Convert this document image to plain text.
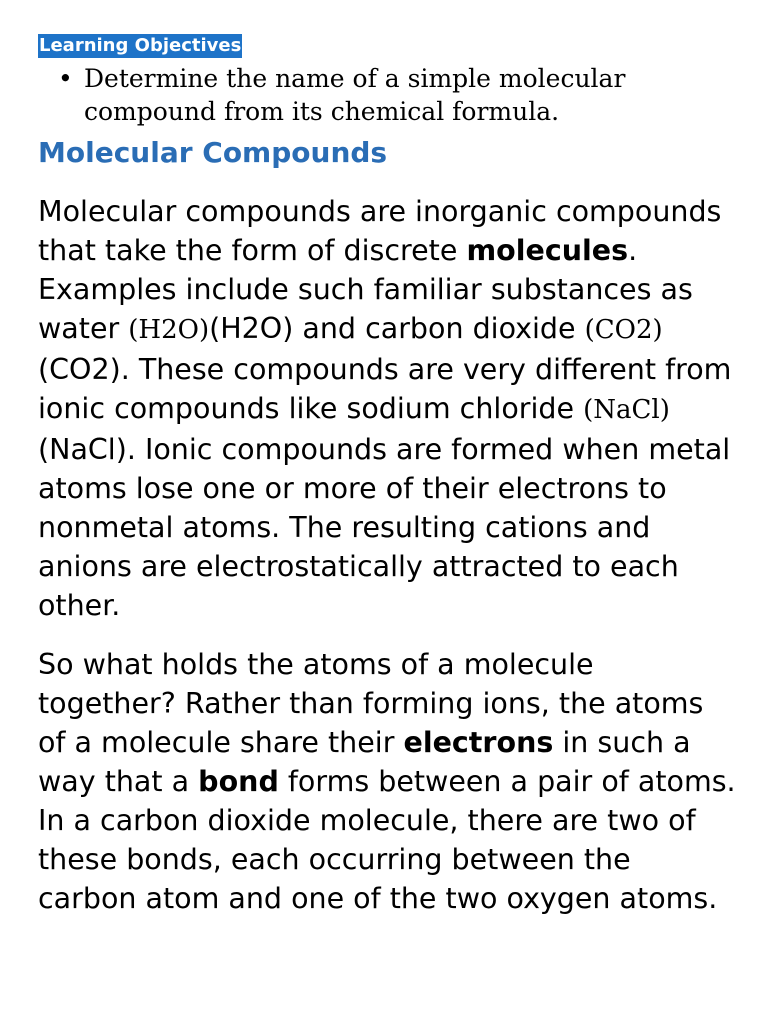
Learning Objectives
• Determine the name of a simple molecular compound from its chemical formula.
Molecular Compounds

Molecular compounds are inorganic compounds that take the form of discrete molecules. Examples include such familiar substances as water (H2O)(H2O) and carbon dioxide (CO2)(CO2). These compounds are very different from ionic compounds like sodium chloride (NaCl)(NaCl). Ionic compounds are formed when metal atoms lose one or more of their electrons to nonmetal atoms. The resulting cations and anions are electrostatically attracted to each other.

So what holds the atoms of a molecule together? Rather than forming ions, the atoms of a molecule share their electrons in such a way that a bond forms between a pair of atoms. In a carbon dioxide molecule, there are two of these bonds, each occurring between the carbon atom and one of the two oxygen atoms.
